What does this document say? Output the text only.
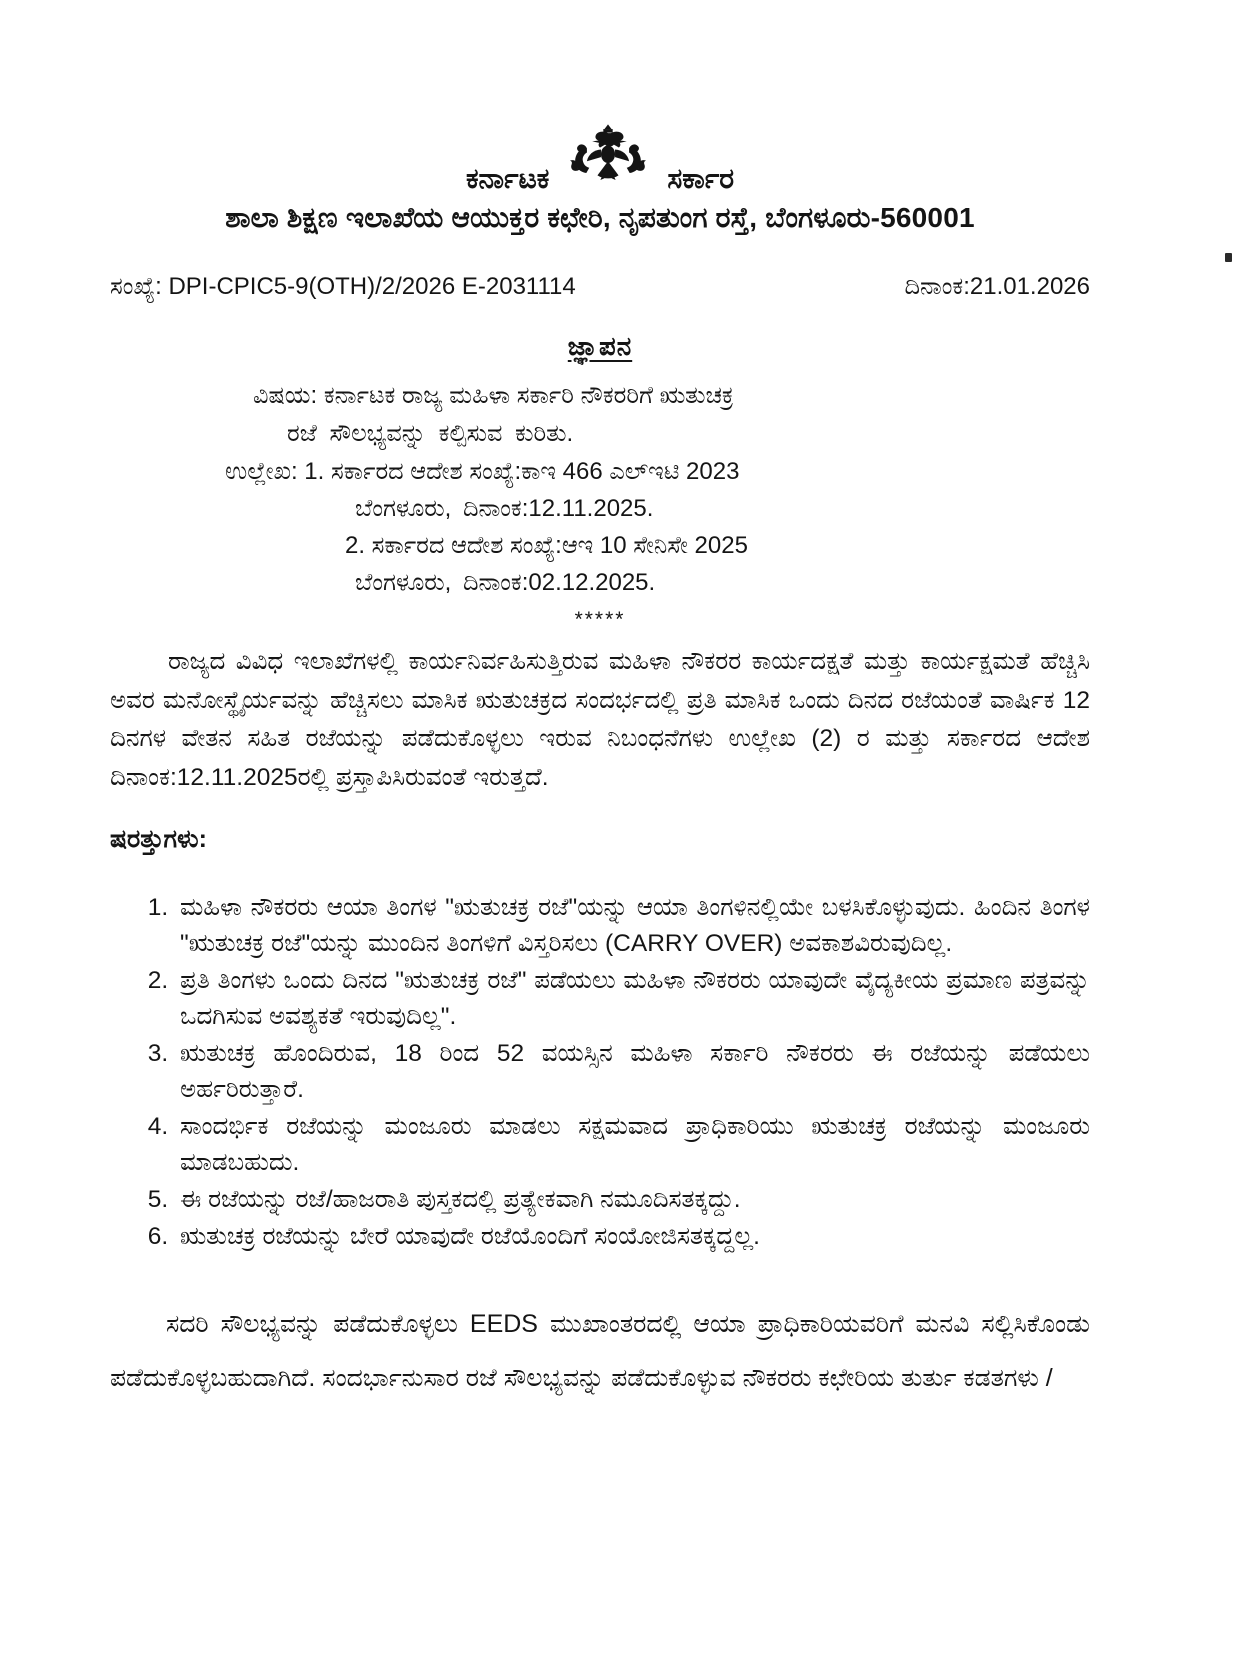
ಕರ್ನಾಟಕ	ಸರ್ಕಾರ
ಶಾಲಾ ಶಿಕ್ಷಣ ಇಲಾಖೆಯ ಆಯುಕ್ತರ ಕಛೇರಿ, ನೃಪತುಂಗ ರಸ್ತೆ, ಬೆಂಗಳೂರು-560001
ಸಂಖ್ಯೆ: DPI-CPIC5-9(OTH)/2/2026 E-2031114	ದಿನಾಂಕ:21.01.2026
ಜ್ಞಾಪನ
ವಿಷಯ: ಕರ್ನಾಟಕ ರಾಜ್ಯ ಮಹಿಳಾ ಸರ್ಕಾರಿ ನೌಕರರಿಗೆ ಋತುಚಕ್ರ
ರಜೆ ಸೌಲಭ್ಯವನ್ನು ಕಲ್ಪಿಸುವ ಕುರಿತು.
ಉಲ್ಲೇಖ: 1. ಸರ್ಕಾರದ ಆದೇಶ ಸಂಖ್ಯೆ:ಕಾಇ 466 ಎಲ್‌ಇಟಿ 2023
ಬೆಂಗಳೂರು, ದಿನಾಂಕ:12.11.2025.
2. ಸರ್ಕಾರದ ಆದೇಶ ಸಂಖ್ಯೆ:ಆಇ 10 ಸೇನಿಸೇ 2025
ಬೆಂಗಳೂರು, ದಿನಾಂಕ:02.12.2025.
*****

ರಾಜ್ಯದ ವಿವಿಧ ಇಲಾಖೆಗಳಲ್ಲಿ ಕಾರ್ಯನಿರ್ವಹಿಸುತ್ತಿರುವ ಮಹಿಳಾ ನೌಕರರ ಕಾರ್ಯದಕ್ಷತೆ ಮತ್ತು ಕಾರ್ಯಕ್ಷಮತೆ ಹೆಚ್ಚಿಸಿ ಅವರ ಮನೋಸ್ಥೈರ್ಯವನ್ನು ಹೆಚ್ಚಿಸಲು ಮಾಸಿಕ ಋತುಚಕ್ರದ ಸಂದರ್ಭದಲ್ಲಿ ಪ್ರತಿ ಮಾಸಿಕ ಒಂದು ದಿನದ ರಜೆಯಂತೆ ವಾರ್ಷಿಕ 12 ದಿನಗಳ ವೇತನ ಸಹಿತ ರಜೆಯನ್ನು ಪಡೆದುಕೊಳ್ಳಲು ಇರುವ ನಿಬಂಧನೆಗಳು ಉಲ್ಲೇಖ (2) ರ ಮತ್ತು ಸರ್ಕಾರದ ಆದೇಶ ದಿನಾಂಕ:12.11.2025ರಲ್ಲಿ ಪ್ರಸ್ತಾಪಿಸಿರುವಂತೆ ಇರುತ್ತದೆ.

ಷರತ್ತುಗಳು:
1. ಮಹಿಳಾ ನೌಕರರು ಆಯಾ ತಿಂಗಳ "ಋತುಚಕ್ರ ರಜೆ"ಯನ್ನು ಆಯಾ ತಿಂಗಳಿನಲ್ಲಿಯೇ ಬಳಸಿಕೊಳ್ಳುವುದು. ಹಿಂದಿನ ತಿಂಗಳ "ಋತುಚಕ್ರ ರಜೆ"ಯನ್ನು ಮುಂದಿನ ತಿಂಗಳಿಗೆ ವಿಸ್ತರಿಸಲು (CARRY OVER) ಅವಕಾಶವಿರುವುದಿಲ್ಲ.
2. ಪ್ರತಿ ತಿಂಗಳು ಒಂದು ದಿನದ "ಋತುಚಕ್ರ ರಜೆ" ಪಡೆಯಲು ಮಹಿಳಾ ನೌಕರರು ಯಾವುದೇ ವೈದ್ಯಕೀಯ ಪ್ರಮಾಣ ಪತ್ರವನ್ನು ಒದಗಿಸುವ ಅವಶ್ಯಕತೆ ಇರುವುದಿಲ್ಲ".
3. ಋತುಚಕ್ರ ಹೊಂದಿರುವ, 18 ರಿಂದ 52 ವಯಸ್ಸಿನ ಮಹಿಳಾ ಸರ್ಕಾರಿ ನೌಕರರು ಈ ರಜೆಯನ್ನು ಪಡೆಯಲು ಅರ್ಹರಿರುತ್ತಾರೆ.
4. ಸಾಂದರ್ಭಿಕ ರಜೆಯನ್ನು ಮಂಜೂರು ಮಾಡಲು ಸಕ್ಷಮವಾದ ಪ್ರಾಧಿಕಾರಿಯು ಋತುಚಕ್ರ ರಜೆಯನ್ನು ಮಂಜೂರು ಮಾಡಬಹುದು.
5. ಈ ರಜೆಯನ್ನು ರಜೆ/ಹಾಜರಾತಿ ಪುಸ್ತಕದಲ್ಲಿ ಪ್ರತ್ಯೇಕವಾಗಿ ನಮೂದಿಸತಕ್ಕದ್ದು.
6. ಋತುಚಕ್ರ ರಜೆಯನ್ನು ಬೇರೆ ಯಾವುದೇ ರಜೆಯೊಂದಿಗೆ ಸಂಯೋಜಿಸತಕ್ಕದ್ದಲ್ಲ.

ಸದರಿ ಸೌಲಭ್ಯವನ್ನು ಪಡೆದುಕೊಳ್ಳಲು EEDS ಮುಖಾಂತರದಲ್ಲಿ ಆಯಾ ಪ್ರಾಧಿಕಾರಿಯವರಿಗೆ ಮನವಿ ಸಲ್ಲಿಸಿಕೊಂಡು ಪಡೆದುಕೊಳ್ಳಬಹುದಾಗಿದೆ. ಸಂದರ್ಭಾನುಸಾರ ರಜೆ ಸೌಲಭ್ಯವನ್ನು ಪಡೆದುಕೊಳ್ಳುವ ನೌಕರರು ಕಛೇರಿಯ ತುರ್ತು ಕಡತಗಳು /
